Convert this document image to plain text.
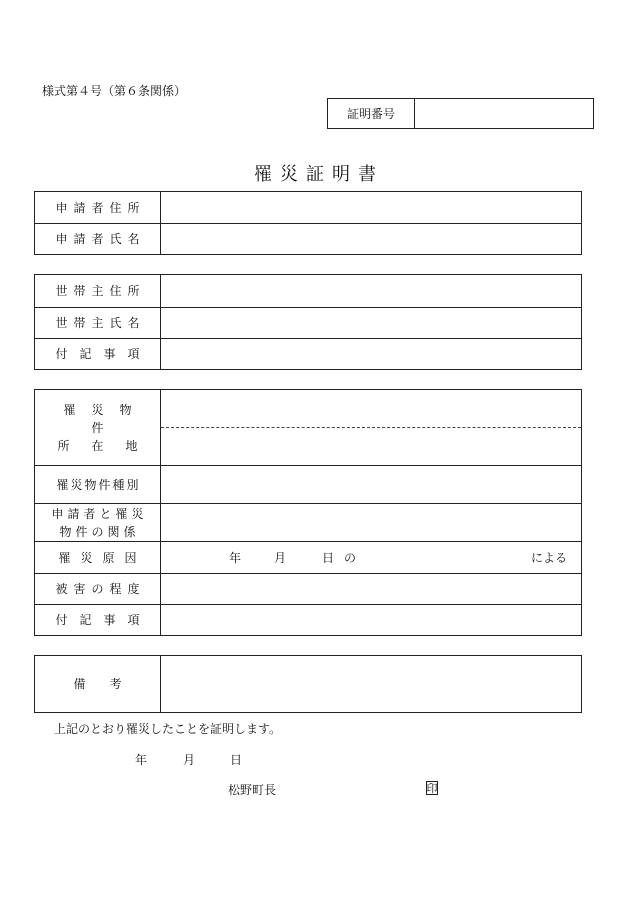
様式第４号（第６条関係）
証明番号
罹災証明書
申請者住所
申請者氏名
世帯主住所
世帯主氏名
付記事項
罹災物件
所在地
罹災物件種別
申請者と罹災
物件の関係
罹災原因	年	月	日の	による
被害の程度
付記事項
備考
上記のとおり罹災したことを証明します。
年	月	日
松野町長	印
